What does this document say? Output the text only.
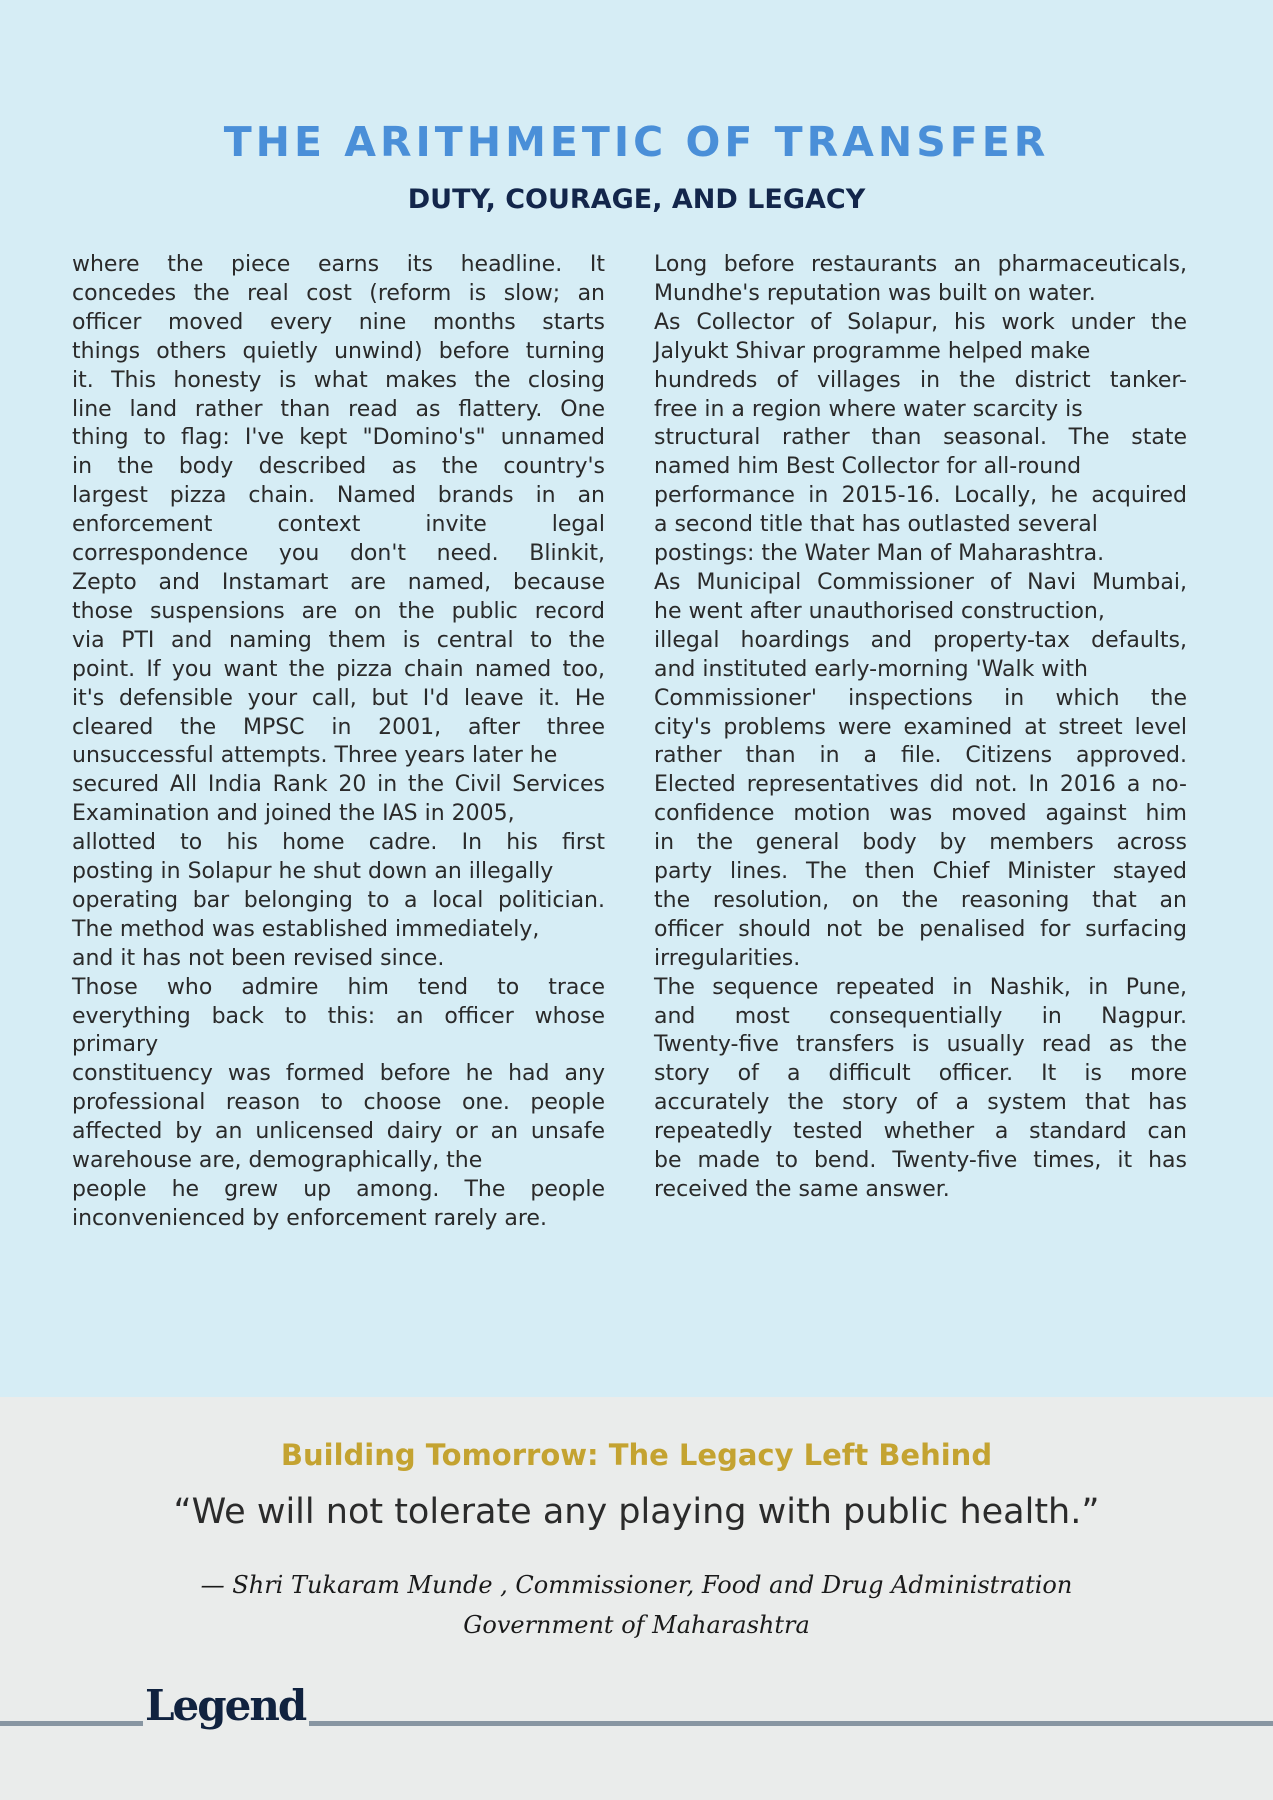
THE ARITHMETIC OF TRANSFER
DUTY, COURAGE, AND LEGACY

where the piece earns its headline. It

concedes the real cost (reform is slow; an

officer moved every nine months starts

things others quietly unwind) before turning

it. This honesty is what makes the closing

line land rather than read as flattery. One

thing to flag: I've kept "Domino's" unnamed

in the body described as the country's

largest pizza chain. Named brands in an

enforcement context invite legal

correspondence you don't need. Blinkit,

Zepto and Instamart are named, because

those suspensions are on the public record

via PTI and naming them is central to the

point. If you want the pizza chain named too,

it's defensible your call, but I'd leave it. He

cleared the MPSC in 2001, after three

unsuccessful attempts. Three years later he

secured All India Rank 20 in the Civil Services

Examination and joined the IAS in 2005,

allotted to his home cadre. In his first

posting in Solapur he shut down an illegally

operating bar belonging to a local politician.

The method was established immediately,

and it has not been revised since.

Those who admire him tend to trace

everything back to this: an officer whose

primary

constituency was formed before he had any

professional reason to choose one. people

affected by an unlicensed dairy or an unsafe

warehouse are, demographically, the

people he grew up among. The people

inconvenienced by enforcement rarely are.

Long before restaurants an pharmaceuticals,

Mundhe's reputation was built on water.

As Collector of Solapur, his work under the

Jalyukt Shivar programme helped make

hundreds of villages in the district tanker-

free in a region where water scarcity is

structural rather than seasonal. The state

named him Best Collector for all-round

performance in 2015-16. Locally, he acquired

a second title that has outlasted several

postings: the Water Man of Maharashtra.

As Municipal Commissioner of Navi Mumbai,

he went after unauthorised construction,

illegal hoardings and property-tax defaults,

and instituted early-morning 'Walk with

Commissioner' inspections in which the

city's problems were examined at street level

rather than in a file. Citizens approved.

Elected representatives did not. In 2016 a no-

confidence motion was moved against him

in the general body by members across

party lines. The then Chief Minister stayed

the resolution, on the reasoning that an

officer should not be penalised for surfacing

irregularities.

The sequence repeated in Nashik, in Pune,

and most consequentially in Nagpur.

Twenty-five transfers is usually read as the

story of a difficult officer. It is more

accurately the story of a system that has

repeatedly tested whether a standard can

be made to bend. Twenty-five times, it has

received the same answer.

Building Tomorrow: The Legacy Left Behind

“We will not tolerate any playing with public health.”

— Shri Tukaram Munde , Commissioner, Food and Drug Administration

Government of Maharashtra

Legend
